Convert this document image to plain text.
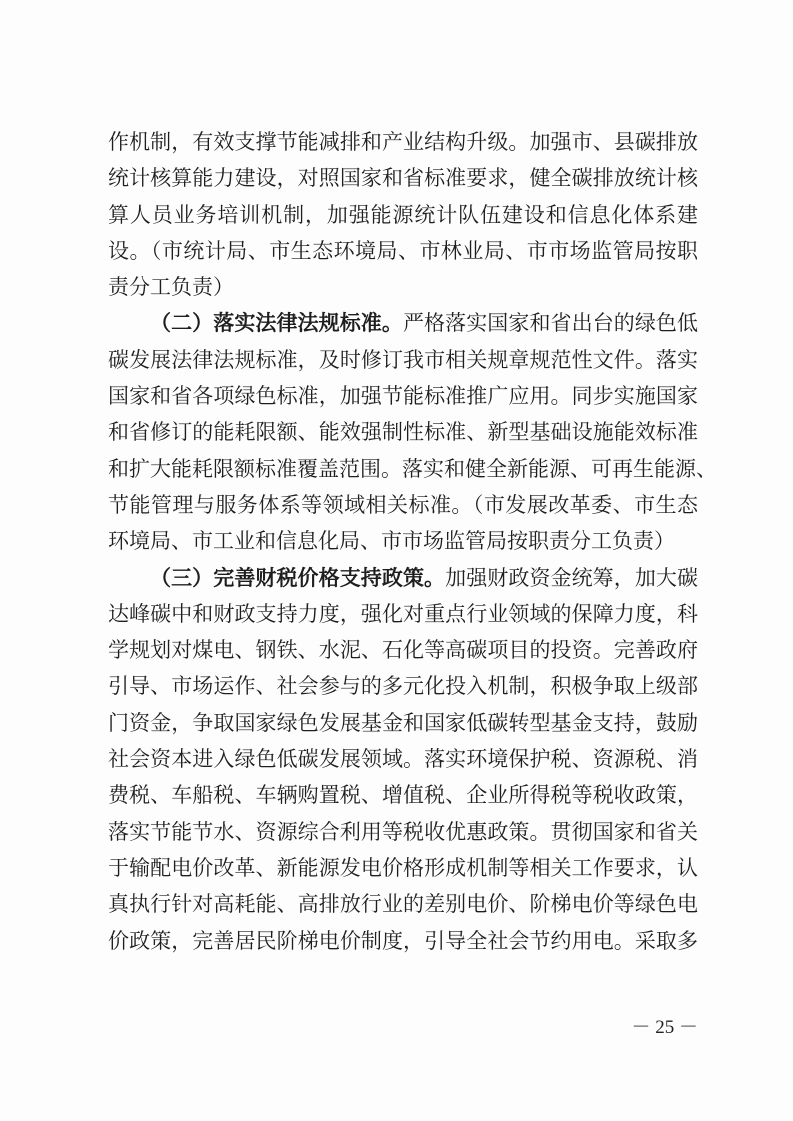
作机制，有效支撑节能减排和产业结构升级。加强市、县碳排放
统计核算能力建设，对照国家和省标准要求，健全碳排放统计核
算人员业务培训机制，加强能源统计队伍建设和信息化体系建
设。（市统计局、市生态环境局、市林业局、市市场监管局按职
责分工负责）
（二）落实法律法规标准。严格落实国家和省出台的绿色低
碳发展法律法规标准，及时修订我市相关规章规范性文件。落实
国家和省各项绿色标准，加强节能标准推广应用。同步实施国家
和省修订的能耗限额、能效强制性标准、新型基础设施能效标准
和扩大能耗限额标准覆盖范围。落实和健全新能源、可再生能源、
节能管理与服务体系等领域相关标准。（市发展改革委、市生态
环境局、市工业和信息化局、市市场监管局按职责分工负责）
（三）完善财税价格支持政策。加强财政资金统筹，加大碳
达峰碳中和财政支持力度，强化对重点行业领域的保障力度，科
学规划对煤电、钢铁、水泥、石化等高碳项目的投资。完善政府
引导、市场运作、社会参与的多元化投入机制，积极争取上级部
门资金，争取国家绿色发展基金和国家低碳转型基金支持，鼓励
社会资本进入绿色低碳发展领域。落实环境保护税、资源税、消
费税、车船税、车辆购置税、增值税、企业所得税等税收政策，
落实节能节水、资源综合利用等税收优惠政策。贯彻国家和省关
于输配电价改革、新能源发电价格形成机制等相关工作要求，认
真执行针对高耗能、高排放行业的差别电价、阶梯电价等绿色电
价政策，完善居民阶梯电价制度，引导全社会节约用电。采取多
－ 25 －
